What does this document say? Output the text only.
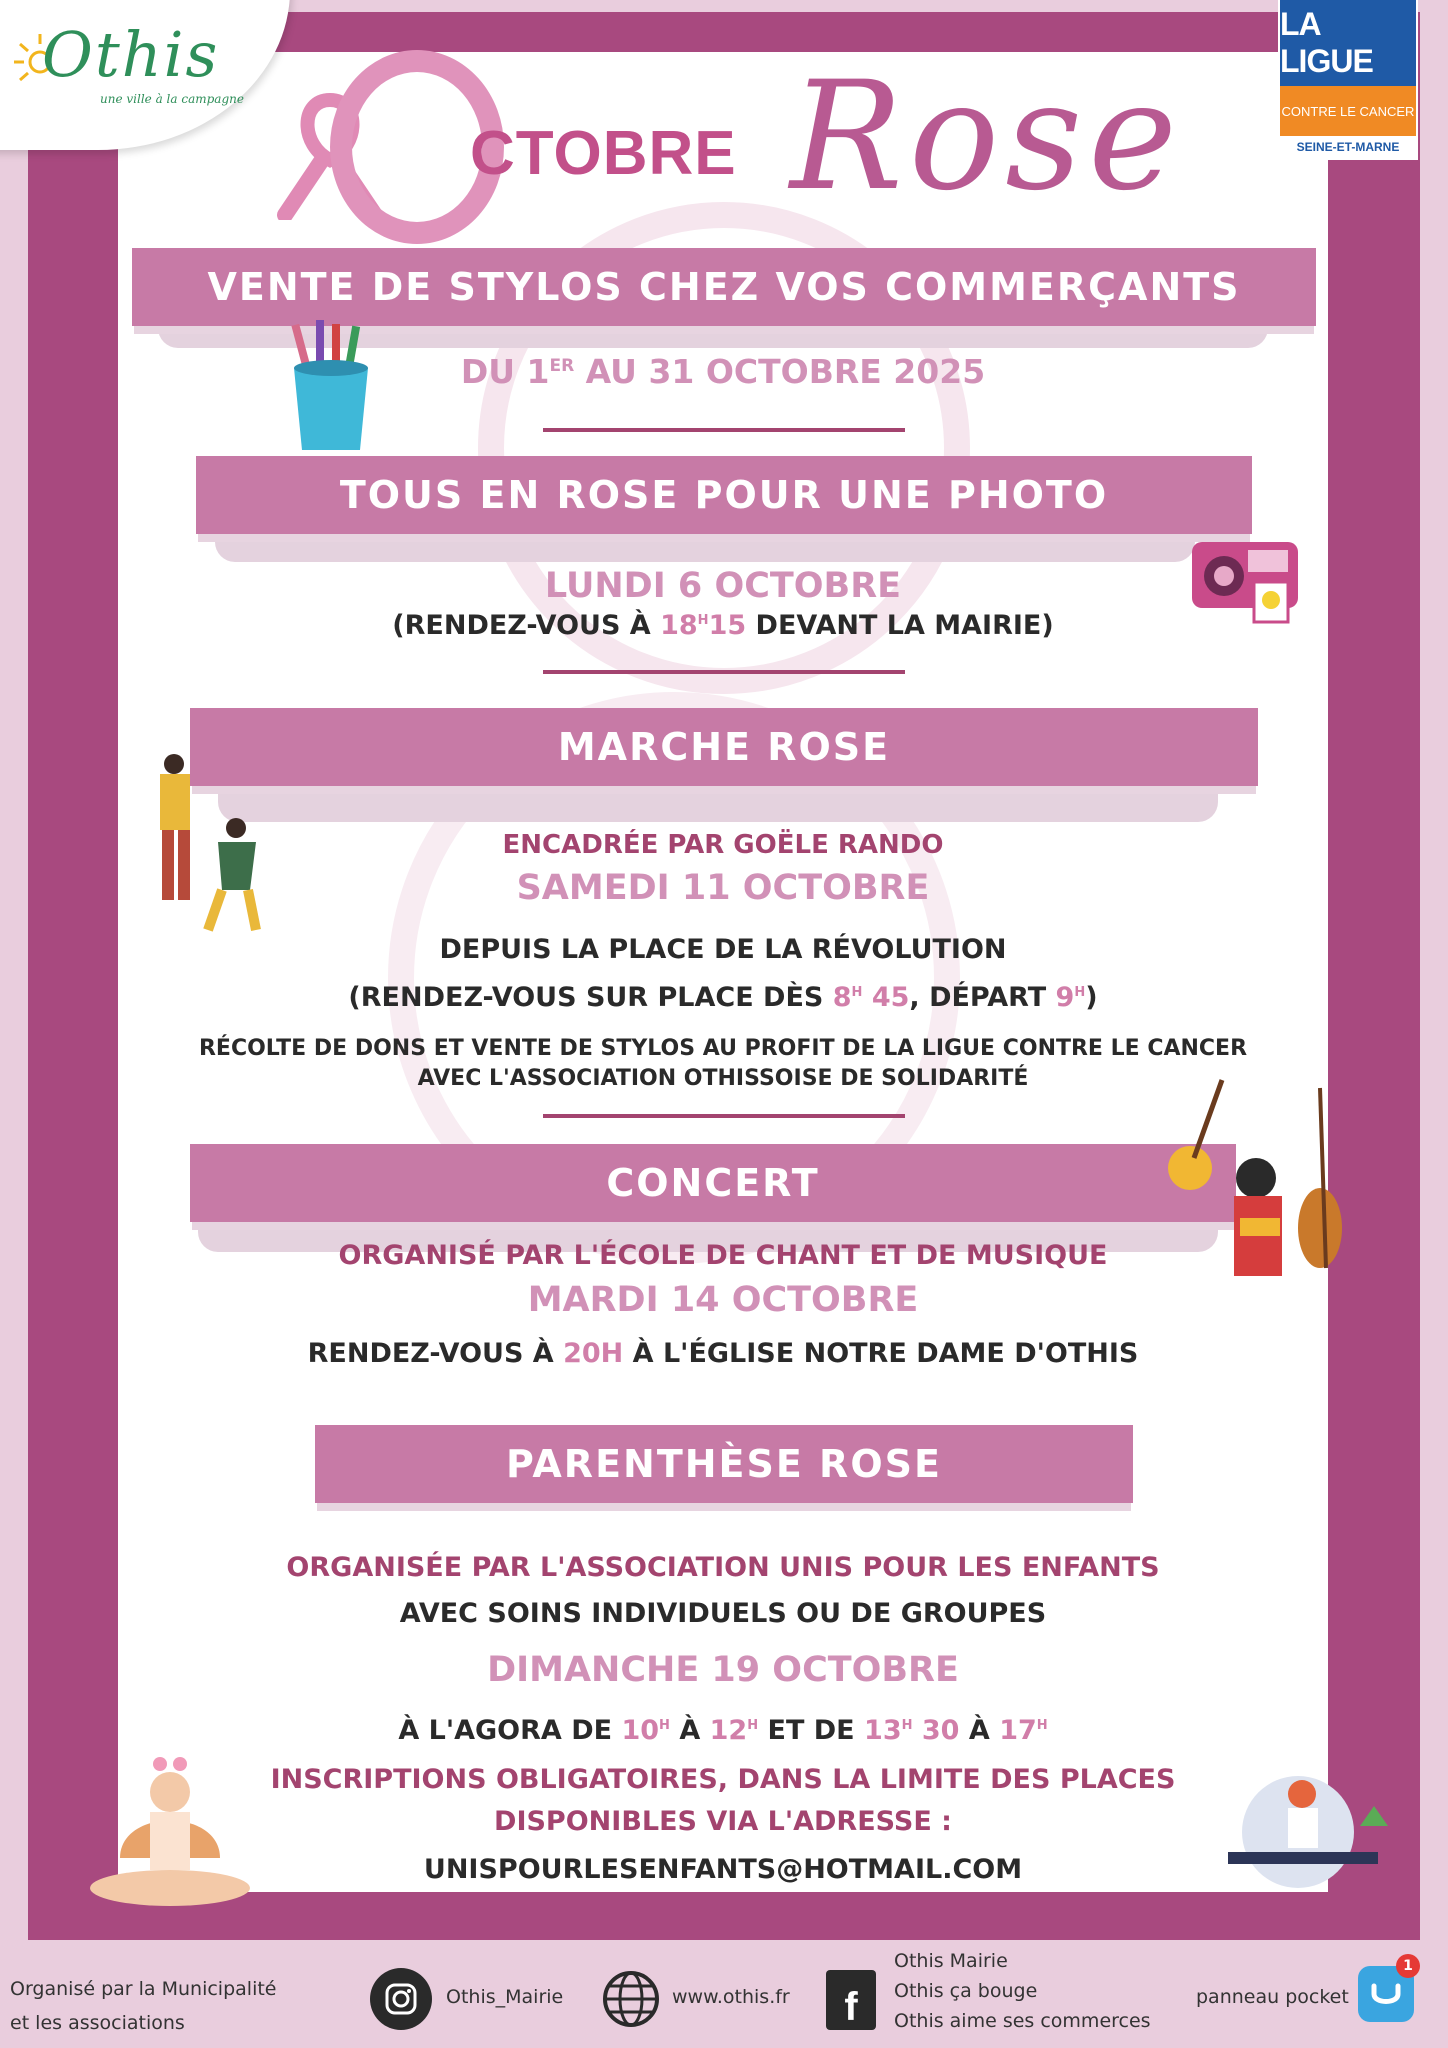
Othis
une ville à la campagne
LA LIGUE
CONTRE LE CANCER
SEINE-ET-MARNE
CTOBRE Rose
VENTE DE STYLOS CHEZ VOS COMMERÇANTS
DU 1ER AU 31 OCTOBRE 2025
TOUS EN ROSE POUR UNE PHOTO
LUNDI 6 OCTOBRE
(RENDEZ-VOUS À $18^H15$ DEVANT LA MAIRIE)
MARCHE ROSE
ENCADRÉE PAR GOËLE RANDO
SAMEDI 11 OCTOBRE
DEPUIS LA PLACE DE LA RÉVOLUTION
(RENDEZ-VOUS SUR PLACE DÈS $8^H$ 45, DÉPART $9^H$)
RÉCOLTE DE DONS ET VENTE DE STYLOS AU PROFIT DE LA LIGUE CONTRE LE CANCER
AVEC L'ASSOCIATION OTHISSOISE DE SOLIDARITÉ
CONCERT
ORGANISÉ PAR L'ÉCOLE DE CHANT ET DE MUSIQUE
MARDI 14 OCTOBRE
RENDEZ-VOUS À 20H À L'ÉGLISE NOTRE DAME D'OTHIS
PARENTHÈSE ROSE
ORGANISÉE PAR L'ASSOCIATION UNIS POUR LES ENFANTS
AVEC SOINS INDIVIDUELS OU DE GROUPES
DIMANCHE 19 OCTOBRE
À L'AGORA DE $10^H$ À $12^H$ ET DE $13^H$ 30 À $17^H$
INSCRIPTIONS OBLIGATOIRES, DANS LA LIMITE DES PLACES
DISPONIBLES VIA L'ADRESSE :
UNISPOURLESENFANTS@HOTMAIL.COM
Organisé par la Municipalité
et les associations
Othis_Mairie	www.othis.fr	f
Othis Mairie
Othis ça bouge
Othis aime ses commerces
panneau pocket
1
